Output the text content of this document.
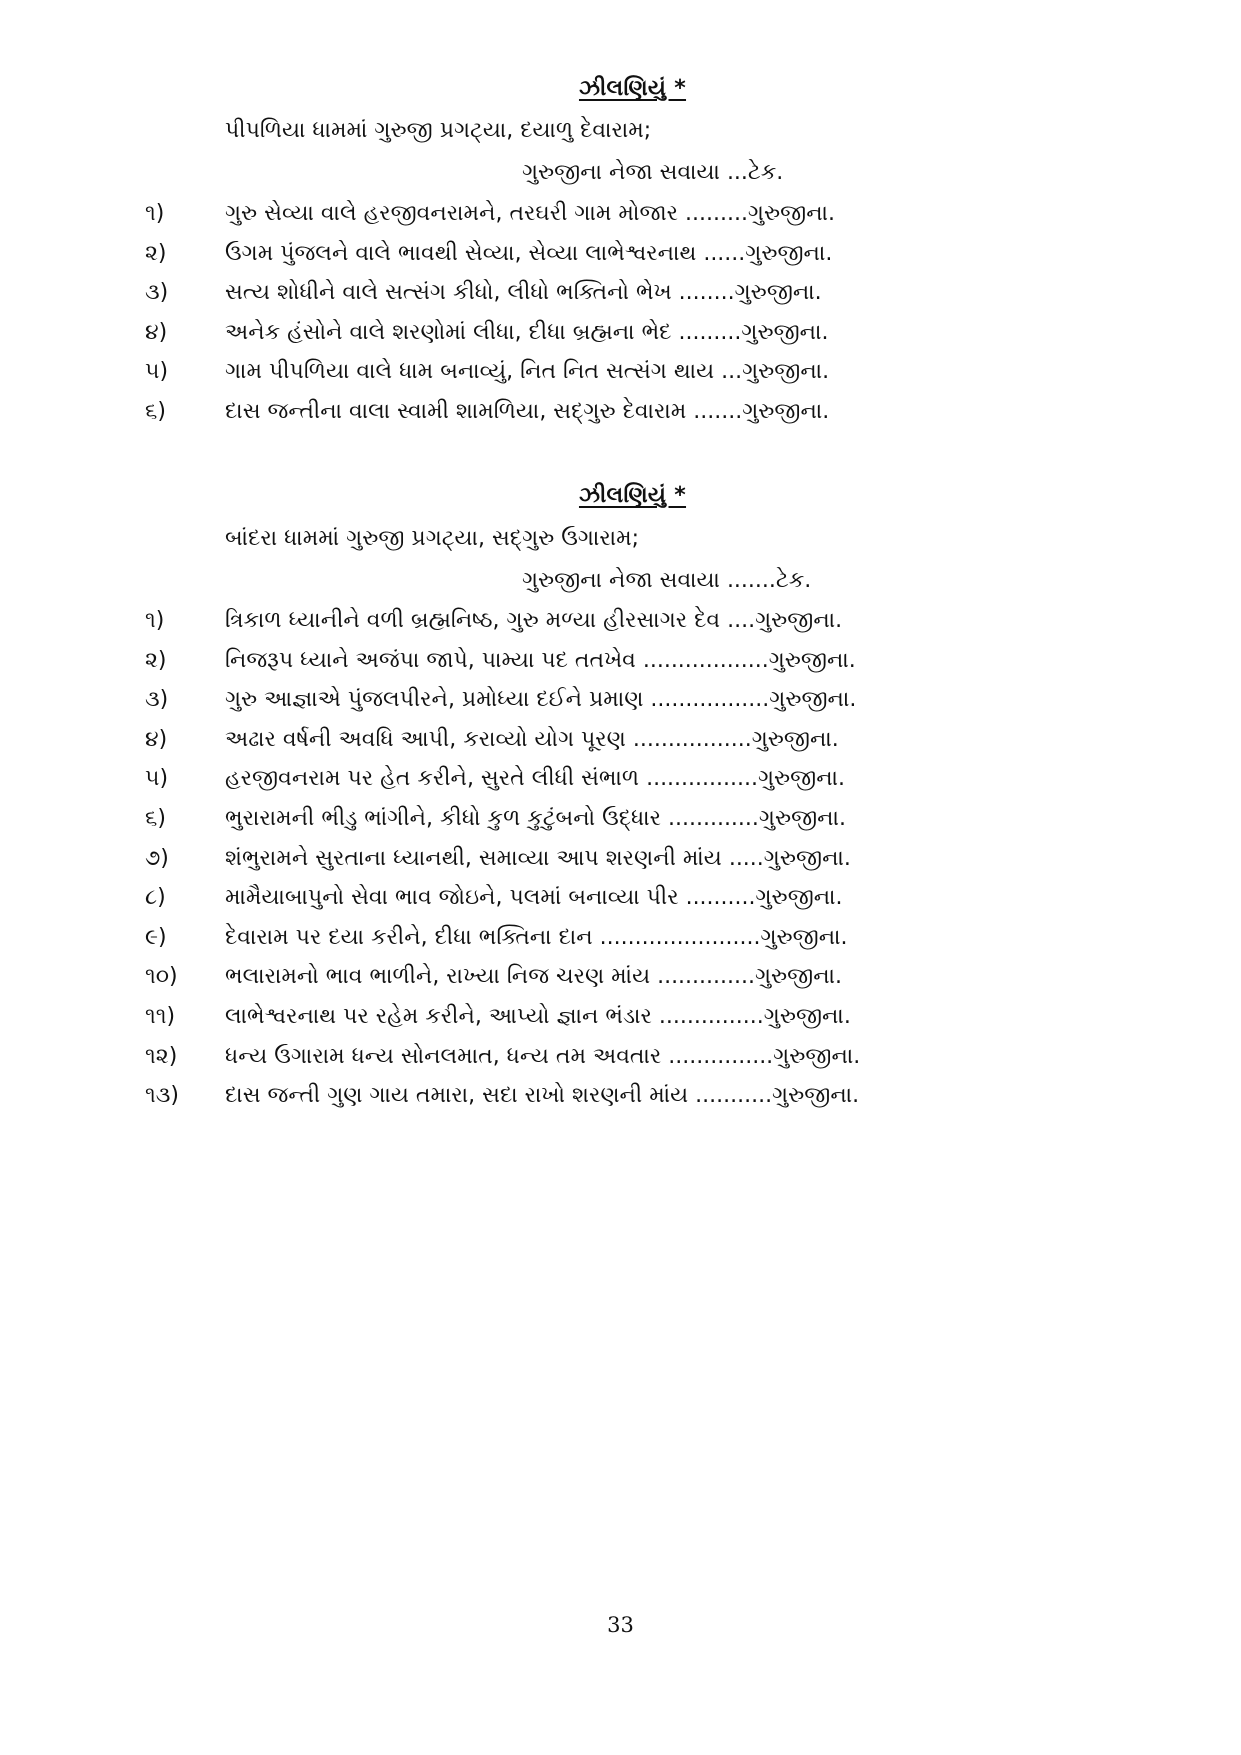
ઝીલણિયું *
પીપળિયા ધામમાં ગુરુજી પ્રગટ્યા, દયાળુ દેવારામ;
ગુરુજીના નેજા સવાયા ...ટેક.
૧)	ગુરુ સેવ્યા વાલે હરજીવનરામને, તરઘરી ગામ મોજાર .........ગુરુજીના.
૨)	ઉગમ પુંજલને વાલે ભાવથી સેવ્યા, સેવ્યા લાભેશ્વરનાથ ......ગુરુજીના.
૩)	સત્ય શોધીને વાલે સત્સંગ કીધો, લીધો ભક્તિનો ભેખ ........ગુરુજીના.
૪)	અનેક હંસોને વાલે શરણોમાં લીધા, દીધા બ્રહ્મના ભેદ .........ગુરુજીના.
૫)	ગામ પીપળિયા વાલે ધામ બનાવ્યું, નિત નિત સત્સંગ થાય ...ગુરુજીના.
૬)	દાસ જન્તીના વાલા સ્વામી શામળિયા, સદ્‌ગુરુ દેવારામ .......ગુરુજીના.
ઝીલણિયું *
બાંદરા ધામમાં ગુરુજી પ્રગટ્યા, સદ્‌ગુરુ ઉગારામ;
ગુરુજીના નેજા સવાયા .......ટેક.
૧)	ત્રિકાળ ધ્યાનીને વળી બ્રહ્મનિષ્ઠ, ગુરુ મળ્યા હીરસાગર દેવ ....ગુરુજીના.
૨)	નિજરૂપ ધ્યાને અજંપા જાપે, પામ્યા પદ તતખેવ ..................ગુરુજીના.
૩)	ગુરુ આજ્ઞાએ પુંજલપીરને, પ્રમોધ્યા દઈને પ્રમાણ .................ગુરુજીના.
૪)	અઢાર વર્ષની અવધિ આપી, કરાવ્યો યોગ પૂરણ .................ગુરુજીના.
૫)	હરજીવનરામ પર હેત કરીને, સુરતે લીધી સંભાળ ................ગુરુજીના.
૬)	ભુરારામની ભીડુ ભાંગીને, કીધો કુળ કુટુંબનો ઉદ્ધાર .............ગુરુજીના.
૭)	શંભુરામને સુરતાના ધ્યાનથી, સમાવ્યા આપ શરણની માંય .....ગુરુજીના.
૮)	મામૈયાબાપુનો સેવા ભાવ જોઇને, પલમાં બનાવ્યા પીર ..........ગુરુજીના.
૯)	દેવારામ પર દયા કરીને, દીધા ભક્તિના દાન .......................ગુરુજીના.
૧૦) ભલારામનો ભાવ ભાળીને, રાખ્યા નિજ ચરણ માંય ..............ગુરુજીના.
૧૧) લાભેશ્વરનાથ પર રહેમ કરીને, આપ્યો જ્ઞાન ભંડાર ...............ગુરુજીના.
૧૨) ધન્ય ઉગારામ ધન્ય સોનલમાત, ધન્ય તમ અવતાર ...............ગુરુજીના.
૧૩) દાસ જન્તી ગુણ ગાય તમારા, સદા રાખો શરણની માંય ...........ગુરુજીના.
33
